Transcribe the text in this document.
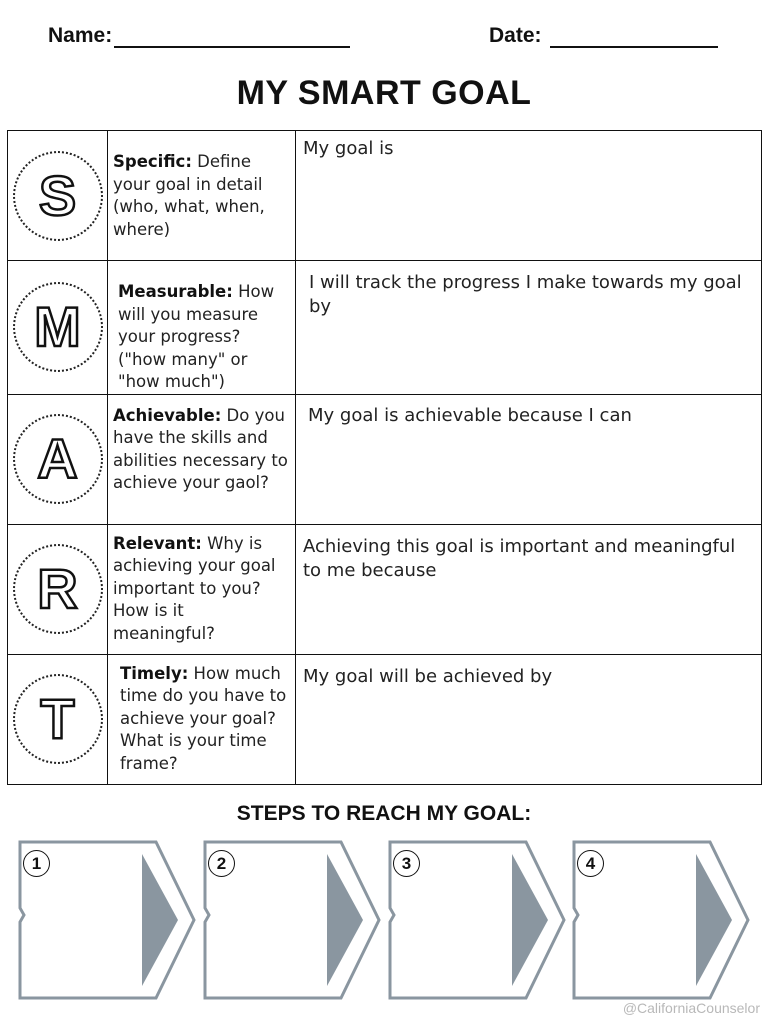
Name:	Date:
MY SMART GOAL
S	Specific: Define your goal in detail (who, what, when, where)	My goal is

M	Measurable: How will you measure your progress? ("how many" or "how much")	I will track the progress I make towards my goal by

A	Achievable: Do you have the skills and abilities necessary to achieve your gaol?	My goal is achievable because I can

R	Relevant: Why is achieving your goal important to you? How is it meaningful?	Achieving this goal is important and meaningful to me because

T	Timely: How much time do you have to achieve your goal? What is your time frame?	My goal will be achieved by
STEPS TO REACH MY GOAL:
1	2	3	4
@CaliforniaCounselor
